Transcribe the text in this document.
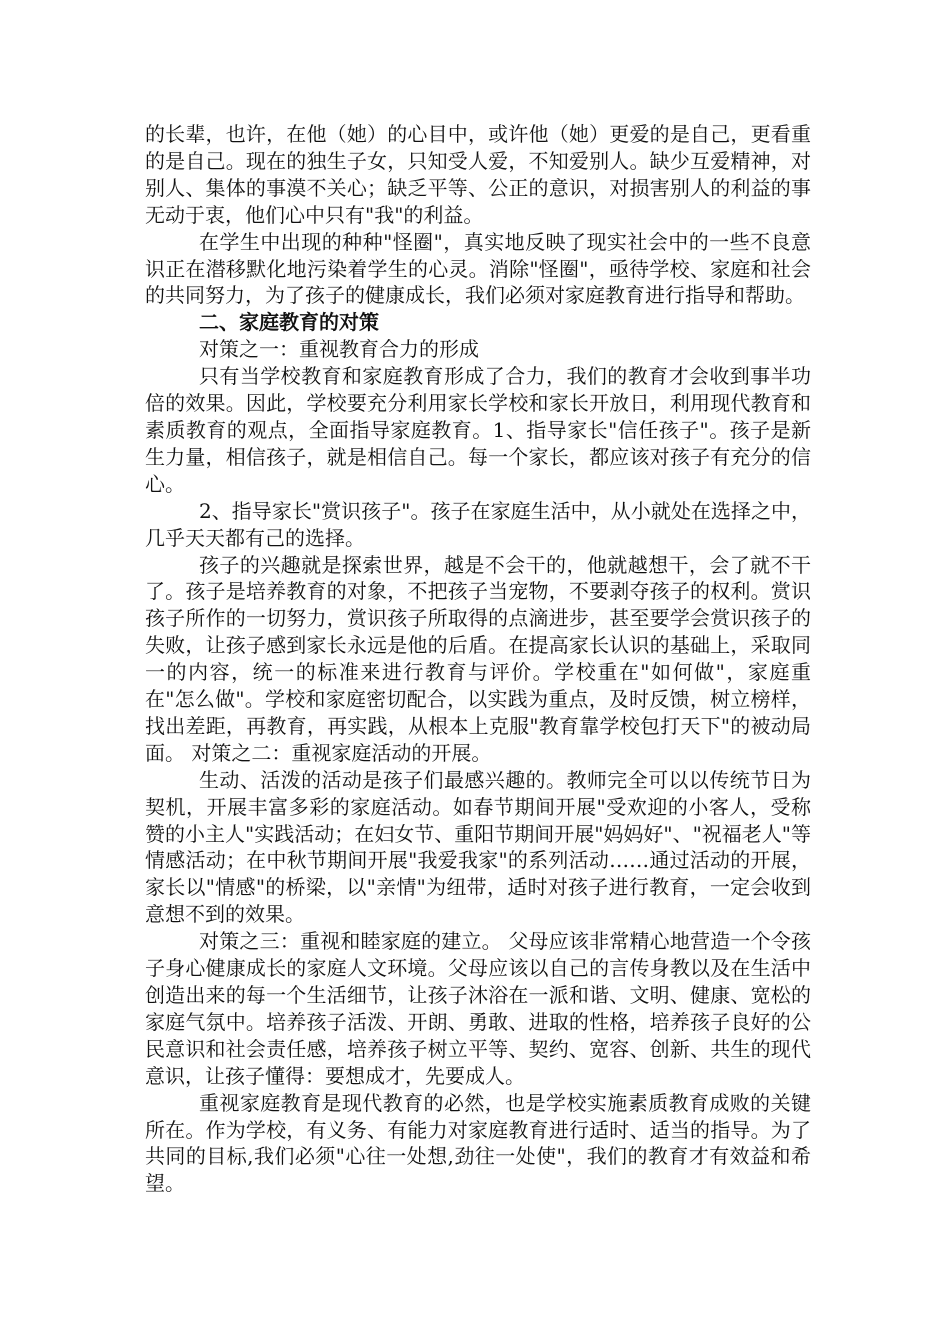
的长辈，也许，在他（她）的心目中，或许他（她）更爱的是自己，更看重的是自己。现在的独生子女，只知受人爱，不知爱别人。缺少互爱精神，对别人、集体的事漠不关心；缺乏平等、公正的意识，对损害别人的利益的事无动于衷，他们心中只有"我"的利益。

在学生中出现的种种"怪圈"，真实地反映了现实社会中的一些不良意识正在潜移默化地污染着学生的心灵。消除"怪圈"，亟待学校、家庭和社会的共同努力，为了孩子的健康成长，我们必须对家庭教育进行指导和帮助。

二、家庭教育的对策

对策之一：重视教育合力的形成

只有当学校教育和家庭教育形成了合力，我们的教育才会收到事半功倍的效果。因此，学校要充分利用家长学校和家长开放日，利用现代教育和素质教育的观点，全面指导家庭教育。1、指导家长"信任孩子"。孩子是新生力量，相信孩子，就是相信自己。每一个家长，都应该对孩子有充分的信心。

2、指导家长"赏识孩子"。孩子在家庭生活中，从小就处在选择之中，几乎天天都有己的选择。

孩子的兴趣就是探索世界，越是不会干的，他就越想干，会了就不干了。孩子是培养教育的对象，不把孩子当宠物，不要剥夺孩子的权利。赏识孩子所作的一切努力，赏识孩子所取得的点滴进步，甚至要学会赏识孩子的失败，让孩子感到家长永远是他的后盾。在提高家长认识的基础上，采取同一的内容，统一的标准来进行教育与评价。学校重在"如何做"，家庭重在"怎么做"。学校和家庭密切配合，以实践为重点，及时反馈，树立榜样，找出差距，再教育，再实践，从根本上克服"教育靠学校包打天下"的被动局面。 对策之二：重视家庭活动的开展。

生动、活泼的活动是孩子们最感兴趣的。教师完全可以以传统节日为契机，开展丰富多彩的家庭活动。如春节期间开展"受欢迎的小客人，受称赞的小主人"实践活动；在妇女节、重阳节期间开展"妈妈好"、"祝福老人"等情感活动；在中秋节期间开展"我爱我家"的系列活动……通过活动的开展，家长以"情感"的桥梁，以"亲情"为纽带，适时对孩子进行教育，一定会收到意想不到的效果。

对策之三：重视和睦家庭的建立。 父母应该非常精心地营造一个令孩子身心健康成长的家庭人文环境。父母应该以自己的言传身教以及在生活中创造出来的每一个生活细节，让孩子沐浴在一派和谐、文明、健康、宽松的家庭气氛中。培养孩子活泼、开朗、勇敢、进取的性格，培养孩子良好的公民意识和社会责任感，培养孩子树立平等、契约、宽容、创新、共生的现代意识，让孩子懂得：要想成才，先要成人。

重视家庭教育是现代教育的必然，也是学校实施素质教育成败的关键所在。作为学校，有义务、有能力对家庭教育进行适时、适当的指导。为了共同的目标,我们必须"心往一处想,劲往一处使"，我们的教育才有效益和希望。
